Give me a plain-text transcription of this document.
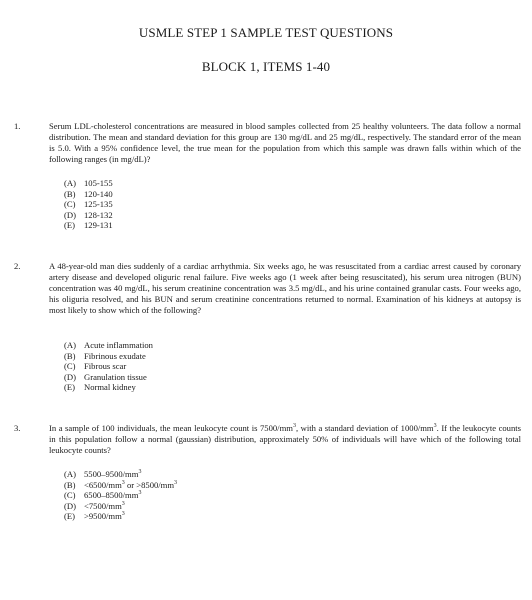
USMLE STEP 1 SAMPLE TEST QUESTIONS
BLOCK 1, ITEMS 1-40
1.	Serum LDL-cholesterol concentrations are measured in blood samples collected from 25 healthy volunteers. The data follow a normal distribution. The mean and standard deviation for this group are 130 mg/dL and 25 mg/dL, respectively. The standard error of the mean is 5.0. With a 95% confidence level, the true mean for the population from which this sample was drawn falls within which of the following ranges (in mg/dL)?

(A) 105-155
(B) 120-140
(C) 125-135
(D) 128-132
(E) 129-131
2.	A 48-year-old man dies suddenly of a cardiac arrhythmia. Six weeks ago, he was resuscitated from a cardiac arrest caused by coronary artery disease and developed oliguric renal failure. Five weeks ago (1 week after being resuscitated), his serum urea nitrogen (BUN) concentration was 40 mg/dL, his serum creatinine concentration was 3.5 mg/dL, and his urine contained granular casts. Four weeks ago, his oliguria resolved, and his BUN and serum creatinine concentrations returned to normal. Examination of his kidneys at autopsy is most likely to show which of the following?

(A) Acute inflammation
(B) Fibrinous exudate
(C) Fibrous scar
(D) Granulation tissue
(E) Normal kidney
3.	In a sample of 100 individuals, the mean leukocyte count is $7500/mm^3$, with a standard deviation of $1000/mm^3$. If the leukocyte counts in this population follow a normal (gaussian) distribution, approximately 50% of individuals will have which of the following total leukocyte counts?

(A) $5500-9500/mm^3$
$(B) <6500/mm^3$ or $>8500/mm^3$
(C) $6500-8500/mm^3$
$(D) <7500/mm^3$
$(E) >9500/mm^3$
